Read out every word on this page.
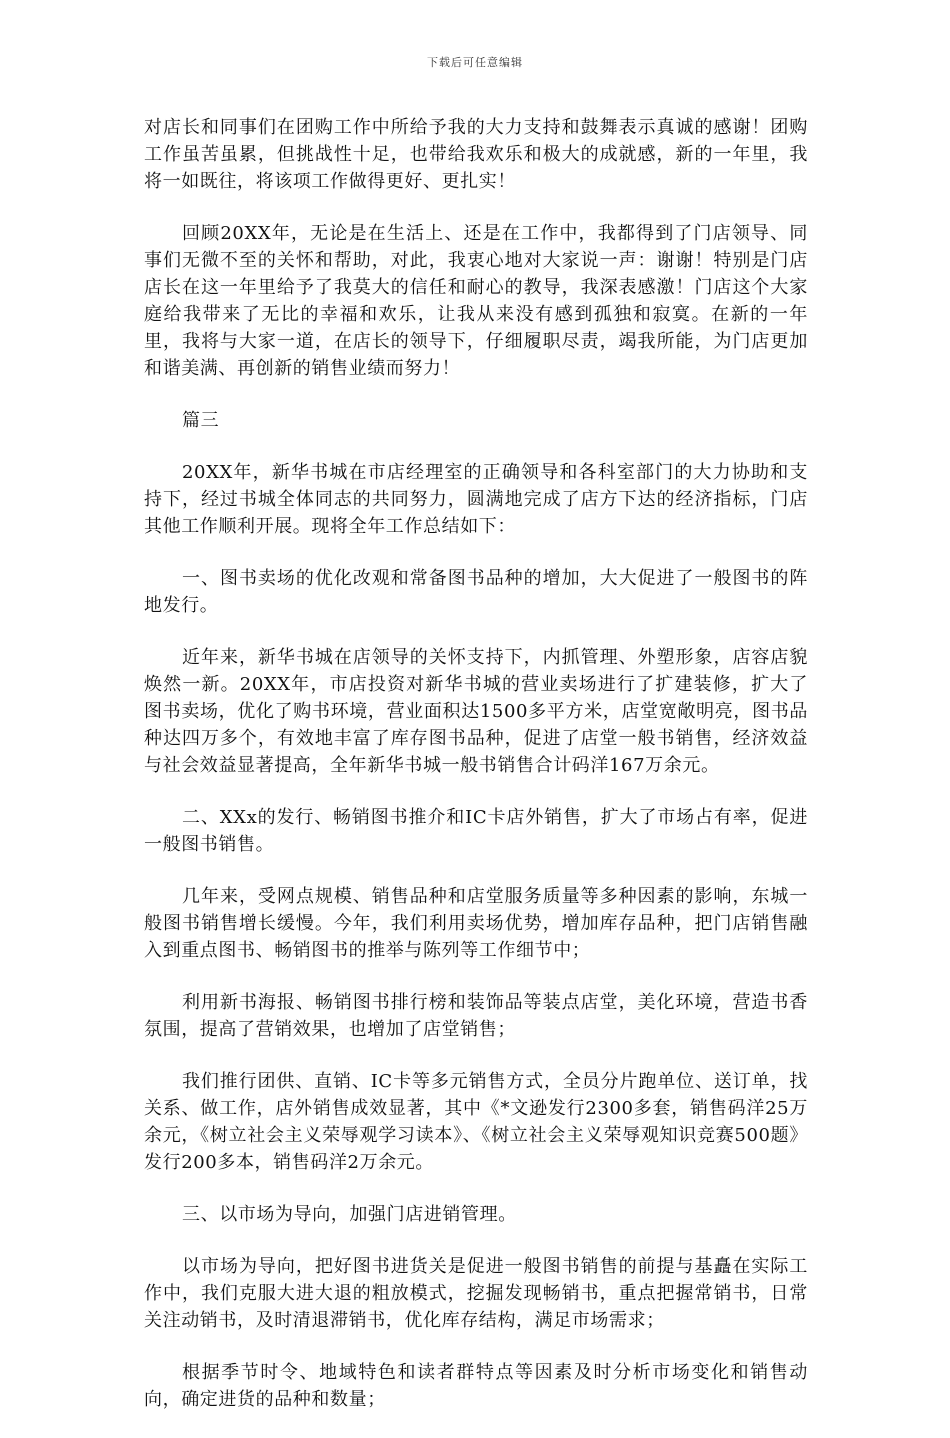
下载后可任意编辑

对店长和同事们在团购工作中所给予我的大力支持和鼓舞表示真诚的感谢！团购工作虽苦虽累，但挑战性十足，也带给我欢乐和极大的成就感，新的一年里，我将一如既往，将该项工作做得更好、更扎实！

回顾20XX年，无论是在生活上、还是在工作中，我都得到了门店领导、同事们无微不至的关怀和帮助，对此，我衷心地对大家说一声：谢谢！特别是门店店长在这一年里给予了我莫大的信任和耐心的教导，我深表感激！门店这个大家庭给我带来了无比的幸福和欢乐，让我从来没有感到孤独和寂寞。在新的一年里，我将与大家一道，在店长的领导下，仔细履职尽责，竭我所能，为门店更加和谐美满、再创新的销售业绩而努力！

篇三

20XX年，新华书城在市店经理室的正确领导和各科室部门的大力协助和支持下，经过书城全体同志的共同努力，圆满地完成了店方下达的经济指标，门店其他工作顺利开展。现将全年工作总结如下：

一、图书卖场的优化改观和常备图书品种的增加，大大促进了一般图书的阵地发行。

近年来，新华书城在店领导的关怀支持下，内抓管理、外塑形象，店容店貌焕然一新。20XX年，市店投资对新华书城的营业卖场进行了扩建装修，扩大了图书卖场，优化了购书环境，营业面积达1500多平方米，店堂宽敞明亮，图书品种达四万多个，有效地丰富了库存图书品种，促进了店堂一般书销售，经济效益与社会效益显著提高，全年新华书城一般书销售合计码洋167万余元。

二、XXx的发行、畅销图书推介和IC卡店外销售，扩大了市场占有率，促进一般图书销售。

几年来，受网点规模、销售品种和店堂服务质量等多种因素的影响，东城一般图书销售增长缓慢。今年，我们利用卖场优势，增加库存品种，把门店销售融入到重点图书、畅销图书的推举与陈列等工作细节中；

利用新书海报、畅销图书排行榜和装饰品等装点店堂，美化环境，营造书香氛围，提高了营销效果，也增加了店堂销售；

我们推行团供、直销、IC卡等多元销售方式，全员分片跑单位、送订单，找关系、做工作，店外销售成效显著，其中《*文逊发行2300多套，销售码洋25万余元，《树立社会主义荣辱观学习读本》、《树立社会主义荣辱观知识竞赛500题》发行200多本，销售码洋2万余元。

三、以市场为导向，加强门店进销管理。

以市场为导向，把好图书进货关是促进一般图书销售的前提与基矗在实际工作中，我们克服大进大退的粗放模式，挖掘发现畅销书，重点把握常销书，日常关注动销书，及时清退滞销书，优化库存结构，满足市场需求；

根据季节时令、地域特色和读者群特点等因素及时分析市场变化和销售动向，确定进货的品种和数量；
